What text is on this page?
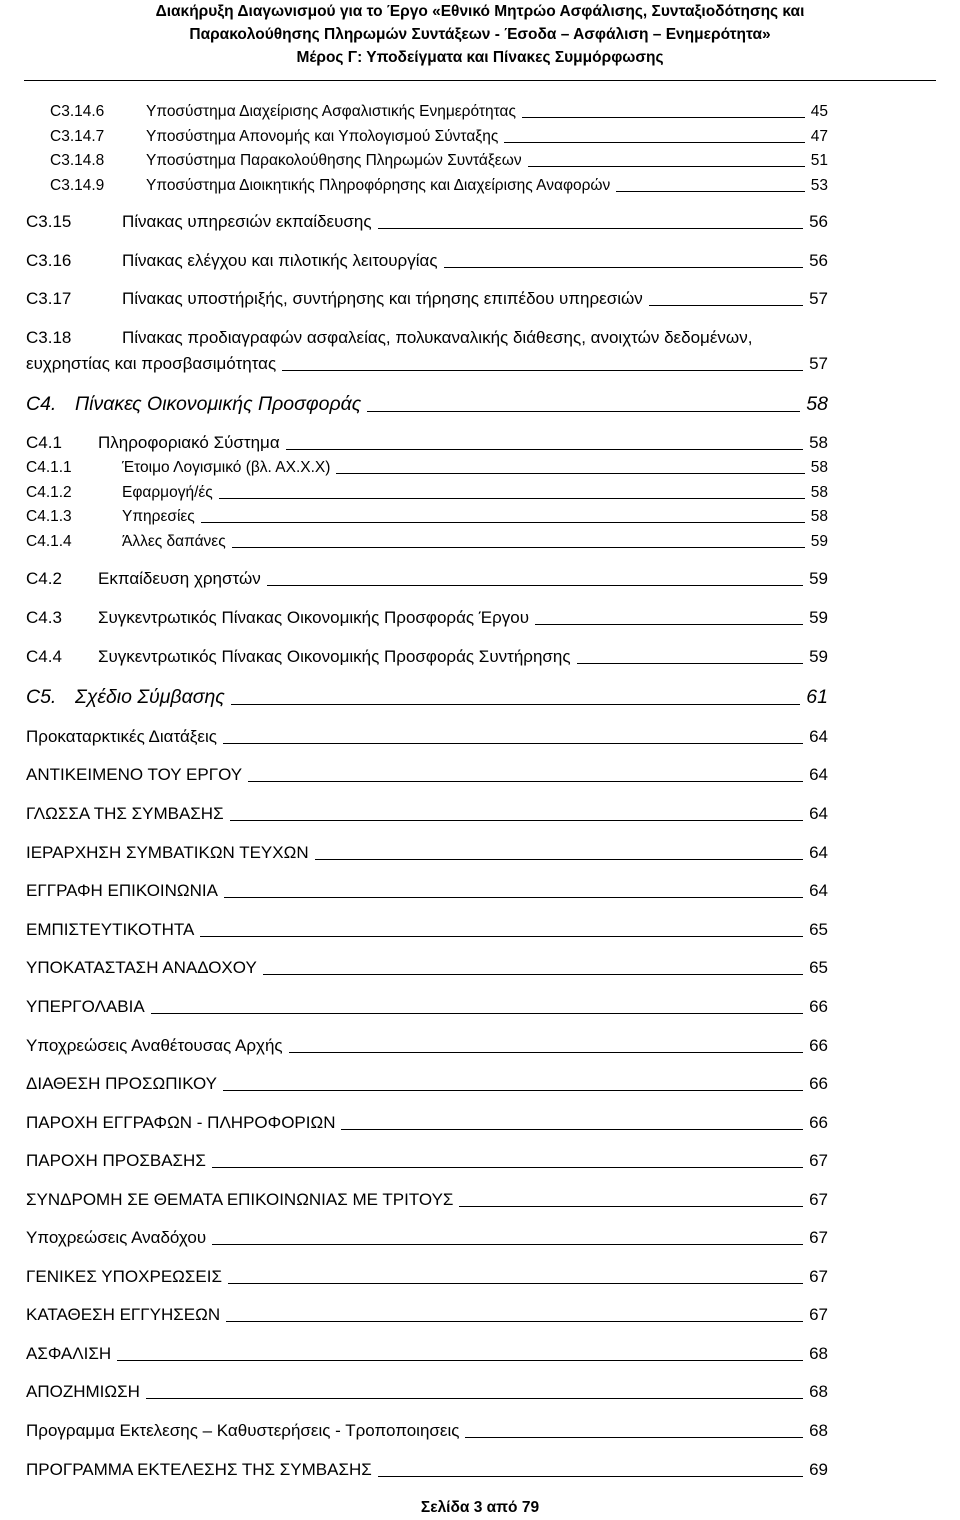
Διακήρυξη Διαγωνισμού για το Έργο «Εθνικό Μητρώο Ασφάλισης, Συνταξιοδότησης και
Παρακολούθησης Πληρωμών Συντάξεων - Έσοδα – Ασφάλιση – Ενημερότητα»
Μέρος Γ: Υποδείγματα και Πίνακες Συμμόρφωσης
C3.14.6	Υποσύστημα Διαχείρισης Ασφαλιστικής Ενημερότητας	45
C3.14.7	Υποσύστημα Απονομής και Υπολογισμού Σύνταξης	47
C3.14.8	Υποσύστημα Παρακολούθησης Πληρωμών Συντάξεων	51
C3.14.9	Υποσύστημα Διοικητικής Πληροφόρησης και Διαχείρισης Αναφορών	53
C3.15	Πίνακας υπηρεσιών εκπαίδευσης	56
C3.16	Πίνακας ελέγχου και πιλοτικής λειτουργίας	56
C3.17	Πίνακας υποστήριξής, συντήρησης και τήρησης επιπέδου υπηρεσιών	57
C3.18	Πίνακας προδιαγραφών ασφαλείας, πολυκαναλικής διάθεσης, ανοιχτών δεδομένων,
ευχρηστίας και προσβασιμότητας	57
C4. Πίνακες Οικονομικής Προσφοράς	58
C4.1	Πληροφοριακό Σύστημα	58
C4.1.1	Έτοιμο Λογισμικό (βλ. ΑΧ.Χ.Χ)	58
C4.1.2	Εφαρμογή/ές	58
C4.1.3	Υπηρεσίες	58
C4.1.4	Άλλες δαπάνες	59
C4.2	Εκπαίδευση χρηστών	59
C4.3	Συγκεντρωτικός Πίνακας Οικονομικής Προσφοράς Έργου	59
C4.4	Συγκεντρωτικός Πίνακας Οικονομικής Προσφοράς Συντήρησης	59
C5. Σχέδιο Σύμβασης	61
Προκαταρκτικές Διατάξεις	64
ΑΝΤΙΚΕΙΜΕΝΟ ΤΟΥ ΕΡΓΟΥ	64
ΓΛΩΣΣΑ ΤΗΣ ΣΥΜΒΑΣΗΣ	64
ΙΕΡΑΡΧΗΣΗ ΣΥΜΒΑΤΙΚΩΝ ΤΕΥΧΩΝ	64
ΕΓΓΡΑΦΗ ΕΠΙΚΟΙΝΩΝΙΑ	64
ΕΜΠΙΣΤΕΥΤΙΚΟΤΗΤΑ	65
ΥΠΟΚΑΤΑΣΤΑΣΗ ΑΝΑΔΟΧΟΥ	65
ΥΠΕΡΓΟΛΑΒΙΑ	66
Υποχρεώσεις Αναθέτουσας Αρχής	66
ΔΙΑΘΕΣΗ ΠΡΟΣΩΠΙΚΟΥ	66
ΠΑΡΟΧΗ ΕΓΓΡΑΦΩΝ - ΠΛΗΡΟΦΟΡΙΩΝ	66
ΠΑΡΟΧΗ ΠΡΟΣΒΑΣΗΣ	67
ΣΥΝΔΡΟΜΗ ΣΕ ΘΕΜΑΤΑ ΕΠΙΚΟΙΝΩΝΙΑΣ ΜΕ ΤΡΙΤΟΥΣ	67
Υποχρεώσεις Αναδόχου	67
ΓΕΝΙΚΕΣ ΥΠΟΧΡΕΩΣΕΙΣ	67
ΚΑΤΑΘΕΣΗ ΕΓΓΥΗΣΕΩΝ	67
ΑΣΦΑΛΙΣΗ	68
ΑΠΟΖΗΜΙΩΣΗ	68
Προγραμμα Εκτελεσης – Καθυστερήσεις - Τροποποιησεις	68
ΠΡΟΓΡΑΜΜΑ ΕΚΤΕΛΕΣΗΣ ΤΗΣ ΣΥΜΒΑΣΗΣ	69
Σελίδα 3 από 79
